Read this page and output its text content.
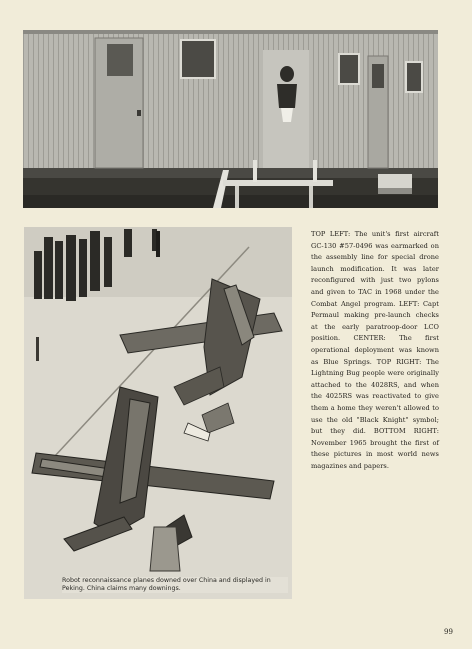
Robot reconnaissance planes downed over China and displayed in Peking. China claims many downings.
TOP LEFT: The unit's first aircraft GC-130 #57-0496 was earmarked on the assembly line for special drone launch modification. It was later reconfigured with just two pylons and given to TAC in 1968 under the Combat Angel program. LEFT: Capt Permaul making pre-launch checks at the early paratroop-door LCO position. CENTER: The first operational deployment was known as Blue Springs. TOP RIGHT: The Lightning Bug people were originally attached to the 4028RS, and when the 4025RS was reactivated to give them a home they weren't allowed to use the old "Black Knight" symbol; but they did. BOTTOM RIGHT: November 1965 brought the first of these pictures in most world news magazines and papers.
99
